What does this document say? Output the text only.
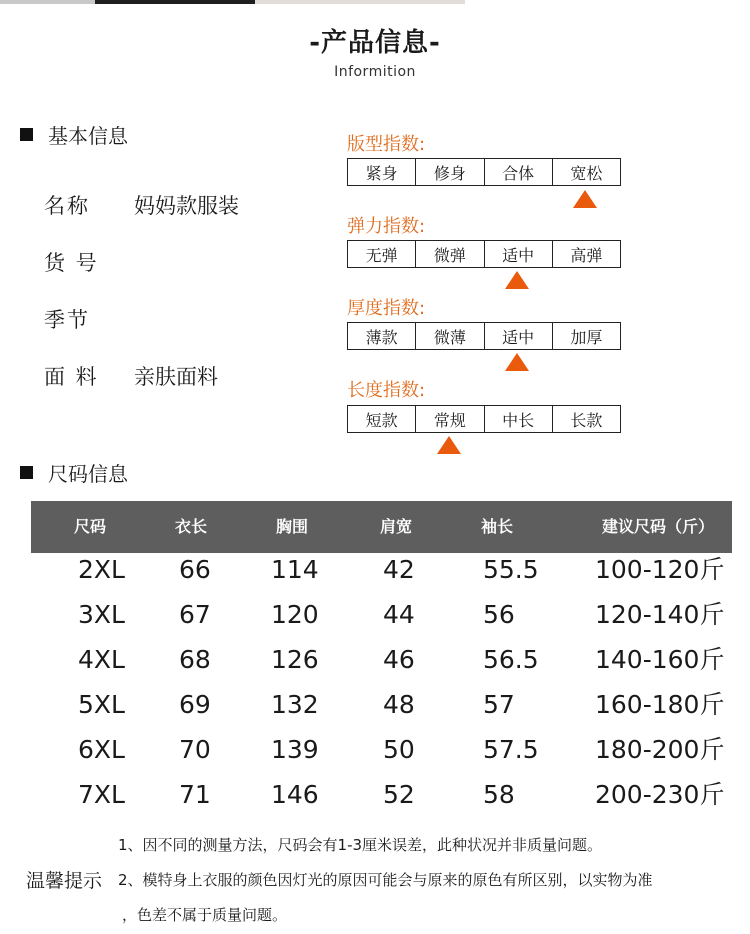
-产品信息-
Informition
基本信息
名称	妈妈款服装
货 号
季节
面 料	亲肤面料
版型指数:
紧身	修身	合体	宽松
弹力指数:
无弹	微弹	适中	高弹
厚度指数:
薄款	微薄	适中	加厚
长度指数:
短款	常规	中长	长款
尺码信息
尺码	衣长	胸围	肩宽	袖长	建议尺码（斤）
2XL 66 114	42	55.5 100-120斤
3XL 67 120	44	56	120-140斤
4XL 68 126	46	56.5 140-160斤
5XL 69 132	48	57	160-180斤
6XL 70 139	50	57.5 180-200斤
7XL 71 146	52	58	200-230斤
温馨提示
1、因不同的测量方法，尺码会有1-3厘米误差，此种状况并非质量问题。
2、模特身上衣服的颜色因灯光的原因可能会与原来的原色有所区别，以实物为准
，色差不属于质量问题。
